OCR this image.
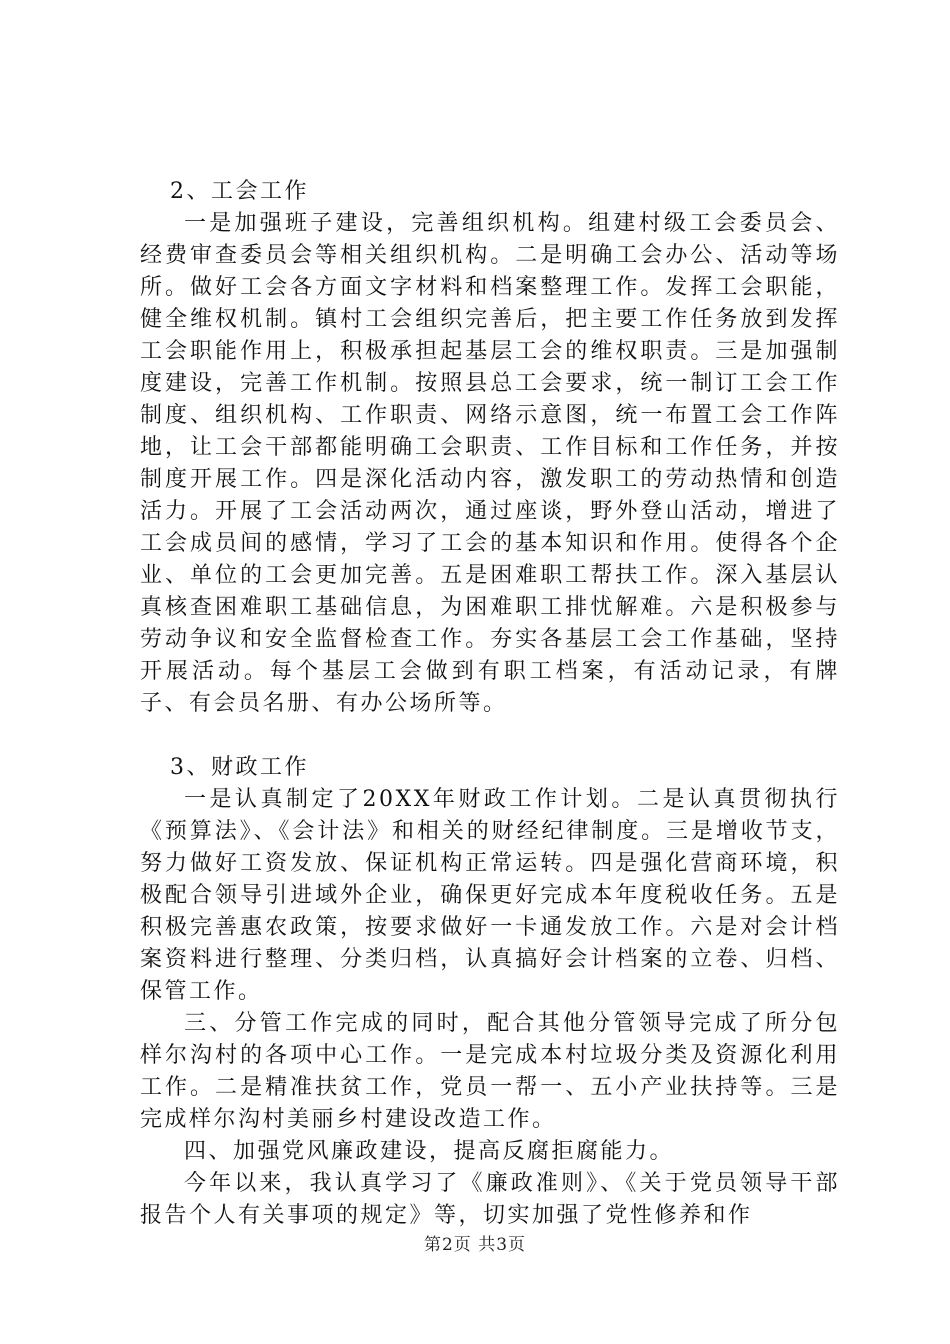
2、工会工作

一是加强班子建设，完善组织机构。组建村级工会委员会、经费审查委员会等相关组织机构。二是明确工会办公、活动等场所。做好工会各方面文字材料和档案整理工作。发挥工会职能，健全维权机制。镇村工会组织完善后，把主要工作任务放到发挥工会职能作用上，积极承担起基层工会的维权职责。三是加强制度建设，完善工作机制。按照县总工会要求，统一制订工会工作制度、组织机构、工作职责、网络示意图，统一布置工会工作阵地，让工会干部都能明确工会职责、工作目标和工作任务，并按制度开展工作。四是深化活动内容，激发职工的劳动热情和创造活力。开展了工会活动两次，通过座谈，野外登山活动，增进了工会成员间的感情，学习了工会的基本知识和作用。使得各个企业、单位的工会更加完善。五是困难职工帮扶工作。深入基层认真核查困难职工基础信息，为困难职工排忧解难。六是积极参与劳动争议和安全监督检查工作。夯实各基层工会工作基础，坚持开展活动。每个基层工会做到有职工档案，有活动记录，有牌子、有会员名册、有办公场所等。

3、财政工作

一是认真制定了20XX年财政工作计划。二是认真贯彻执行《预算法》、《会计法》和相关的财经纪律制度。三是增收节支，努力做好工资发放、保证机构正常运转。四是强化营商环境，积极配合领导引进域外企业，确保更好完成本年度税收任务。五是积极完善惠农政策，按要求做好一卡通发放工作。六是对会计档案资料进行整理、分类归档，认真搞好会计档案的立卷、归档、保管工作。

三、分管工作完成的同时，配合其他分管领导完成了所分包样尔沟村的各项中心工作。一是完成本村垃圾分类及资源化利用工作。二是精准扶贫工作，党员一帮一、五小产业扶持等。三是完成样尔沟村美丽乡村建设改造工作。

四、加强党风廉政建设，提高反腐拒腐能力。

今年以来，我认真学习了《廉政准则》、《关于党员领导干部报告个人有关事项的规定》等，切实加强了党性修养和作

第2页 共3页
